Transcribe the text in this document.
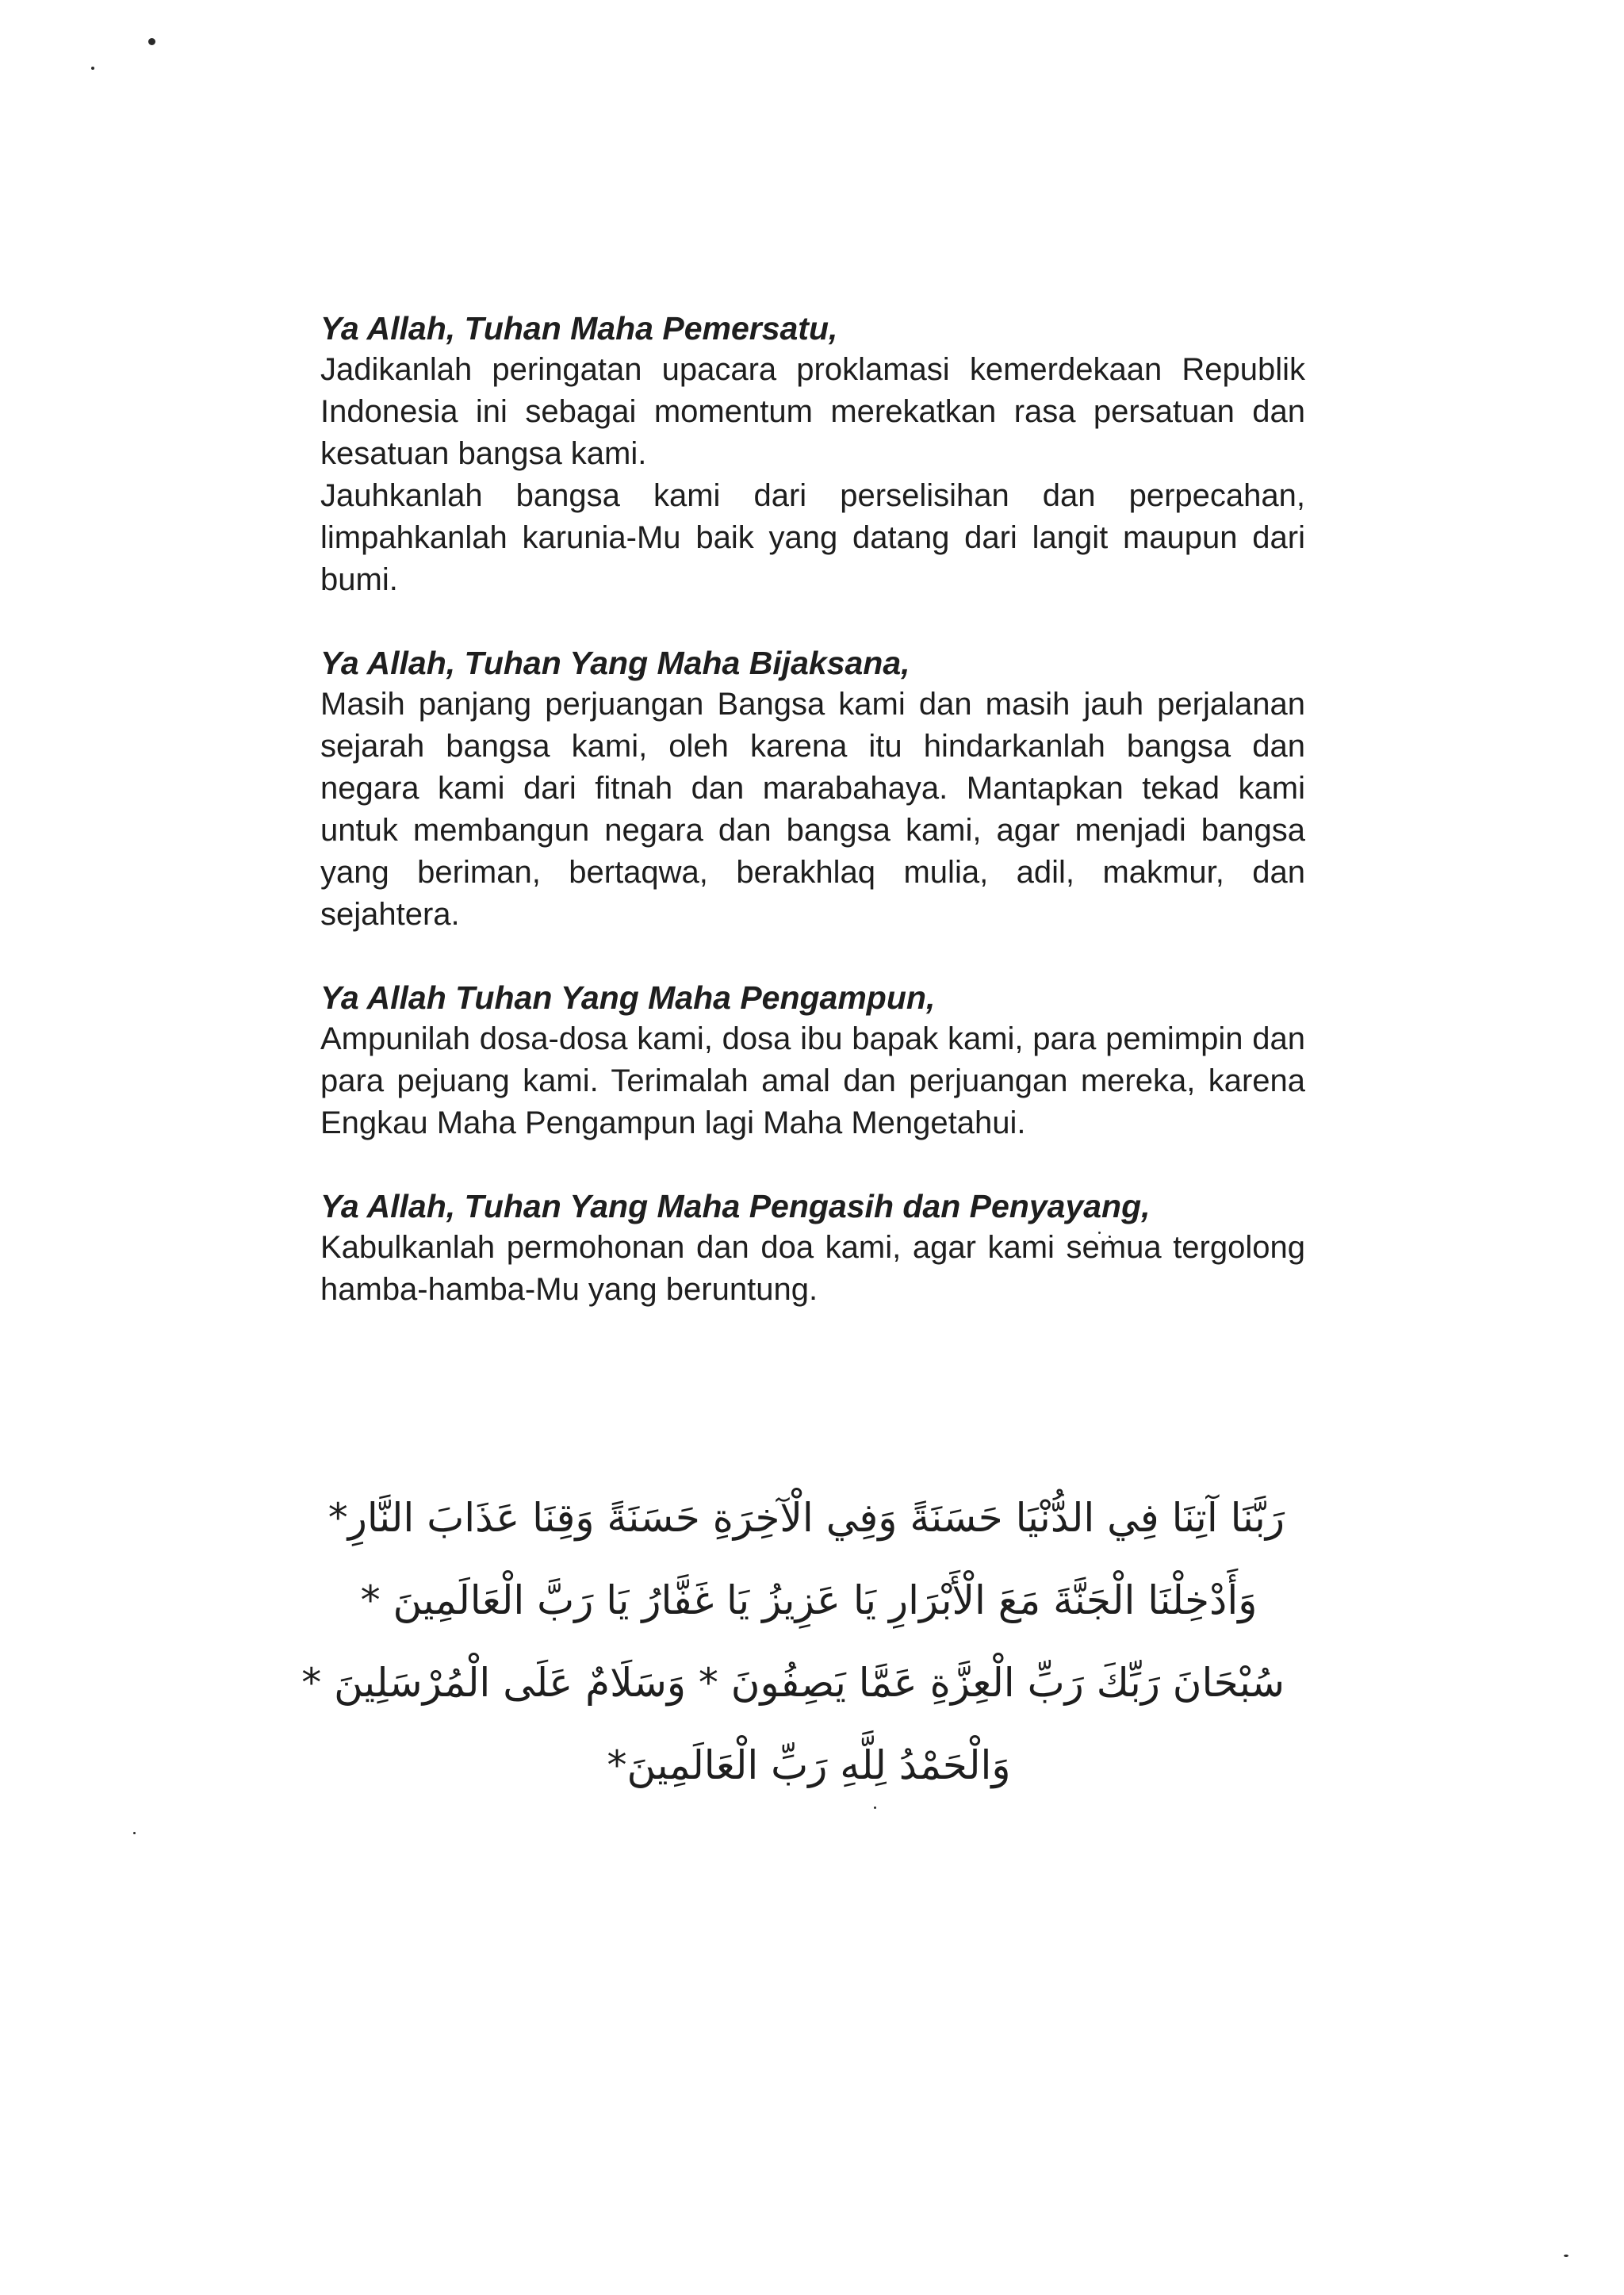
Ya Allah, Tuhan Maha Pemersatu,

Jadikanlah peringatan upacara proklamasi kemerdekaan Republik Indonesia ini sebagai momentum merekatkan rasa persatuan dan kesatuan bangsa kami.

Jauhkanlah bangsa kami dari perselisihan dan perpecahan, limpahkanlah karunia-Mu baik yang datang dari langit maupun dari bumi.

Ya Allah, Tuhan Yang Maha Bijaksana,

Masih panjang perjuangan Bangsa kami dan masih jauh perjalanan sejarah bangsa kami, oleh karena itu hindarkanlah bangsa dan negara kami dari fitnah dan marabahaya. Mantapkan tekad kami untuk membangun negara dan bangsa kami, agar menjadi bangsa yang beriman, bertaqwa, berakhlaq mulia, adil, makmur, dan sejahtera.

Ya Allah Tuhan Yang Maha Pengampun,

Ampunilah dosa-dosa kami, dosa ibu bapak kami, para pemimpin dan para pejuang kami. Terimalah amal dan perjuangan mereka, karena Engkau Maha Pengampun lagi Maha Mengetahui.

Ya Allah, Tuhan Yang Maha Pengasih dan Penyayang,

Kabulkanlah permohonan dan doa kami, agar kami semua tergolong hamba-hamba-Mu yang beruntung.

رَبَّنَا آتِنَا فِي الدُّنْيَا حَسَنَةً وَفِي الْآخِرَةِ حَسَنَةً وَقِنَا عَذَابَ النَّارِ*

وَأَدْخِلْنَا الْجَنَّةَ مَعَ الْأَبْرَارِ يَا عَزِيزُ يَا غَفَّارُ يَا رَبَّ الْعَالَمِينَ *

سُبْحَانَ رَبِّكَ رَبِّ الْعِزَّةِ عَمَّا يَصِفُونَ * وَسَلَامٌ عَلَى الْمُرْسَلِينَ *

وَالْحَمْدُ لِلَّهِ رَبِّ الْعَالَمِينَ*
